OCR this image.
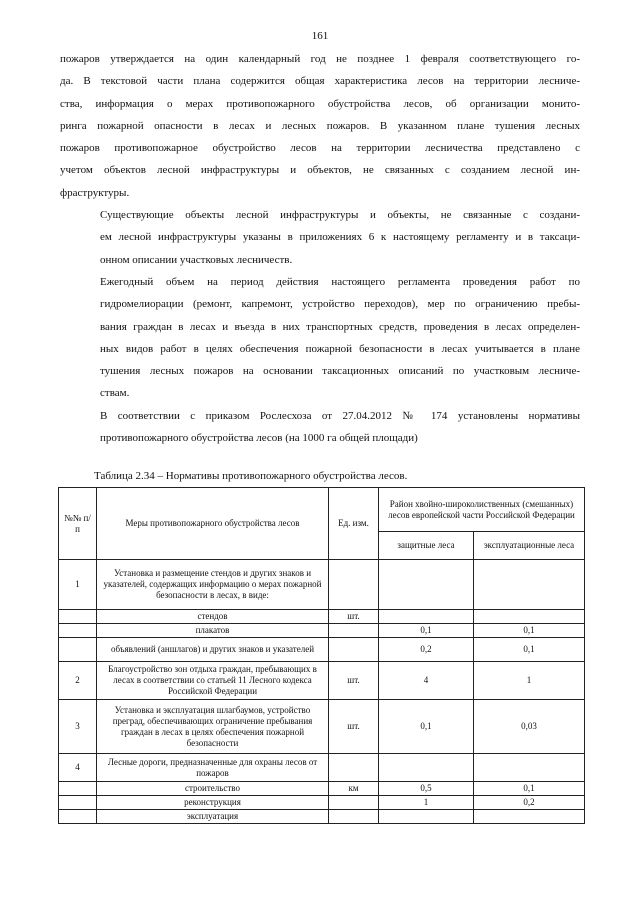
161
пожаров утверждается на один календарный год не позднее 1 февраля соответствующего го-
да. В текстовой части плана содержится общая характеристика лесов на территории лесниче-
ства, информация о мерах противопожарного обустройства лесов, об организации монито-
ринга пожарной опасности в лесах и лесных пожаров. В указанном плане тушения лесных
пожаров противопожарное обустройство лесов на территории лесничества представлено с
учетом объектов лесной инфраструктуры и объектов, не связанных с созданием лесной ин-
фраструктуры.
Существующие объекты лесной инфраструктуры и объекты, не связанные с создани-
ем лесной инфраструктуры указаны в приложениях 6 к настоящему регламенту и в таксаци-
онном описании участковых лесничеств.
Ежегодный объем на период действия настоящего регламента проведения работ по
гидромелиорации (ремонт, капремонт, устройство переходов), мер по ограничению пребы-
вания граждан в лесах и въезда в них транспортных средств, проведения в лесах определен-
ных видов работ в целях обеспечения пожарной безопасности в лесах учитывается в плане
тушения лесных пожаров на основании таксационных описаний по участковым лесниче-
ствам.
В соответствии с приказом Рослесхоза от 27.04.2012 № 174 установлены нормативы
противопожарного обустройства лесов (на 1000 га общей площади)
Таблица 2.34 – Нормативы противопожарного обустройства лесов.
№№ п/п	Меры противопожарного обустройства лесов	Ед. изм.	Район хвойно-широколиственных (смешанных) лесов европейской части Российской Федерации	
			защитные леса	эксплуатационные леса
1	Установка и размещение стендов и других знаков и указателей, содержащих информацию о мерах пожарной безопасности в лесах, в виде:			
	стендов	шт.		
	плакатов		0,1	0,1
	объявлений (аншлагов) и других знаков и указателей		0,2	0,1
2	Благоустройство зон отдыха граждан, пребывающих в лесах в соответствии со статьей 11 Лесного кодекса Российской Федерации	шт.	4	1
3	Установка и эксплуатация шлагбаумов, устройство преград, обеспечивающих ограничение пребывания граждан в лесах в целях обеспечения пожарной безопасности	шт.	0,1	0,03
4	Лесные дороги, предназначенные для охраны лесов от пожаров			
	строительство	км	0,5	0,1
	реконструкция		1	0,2
	эксплуатация			
